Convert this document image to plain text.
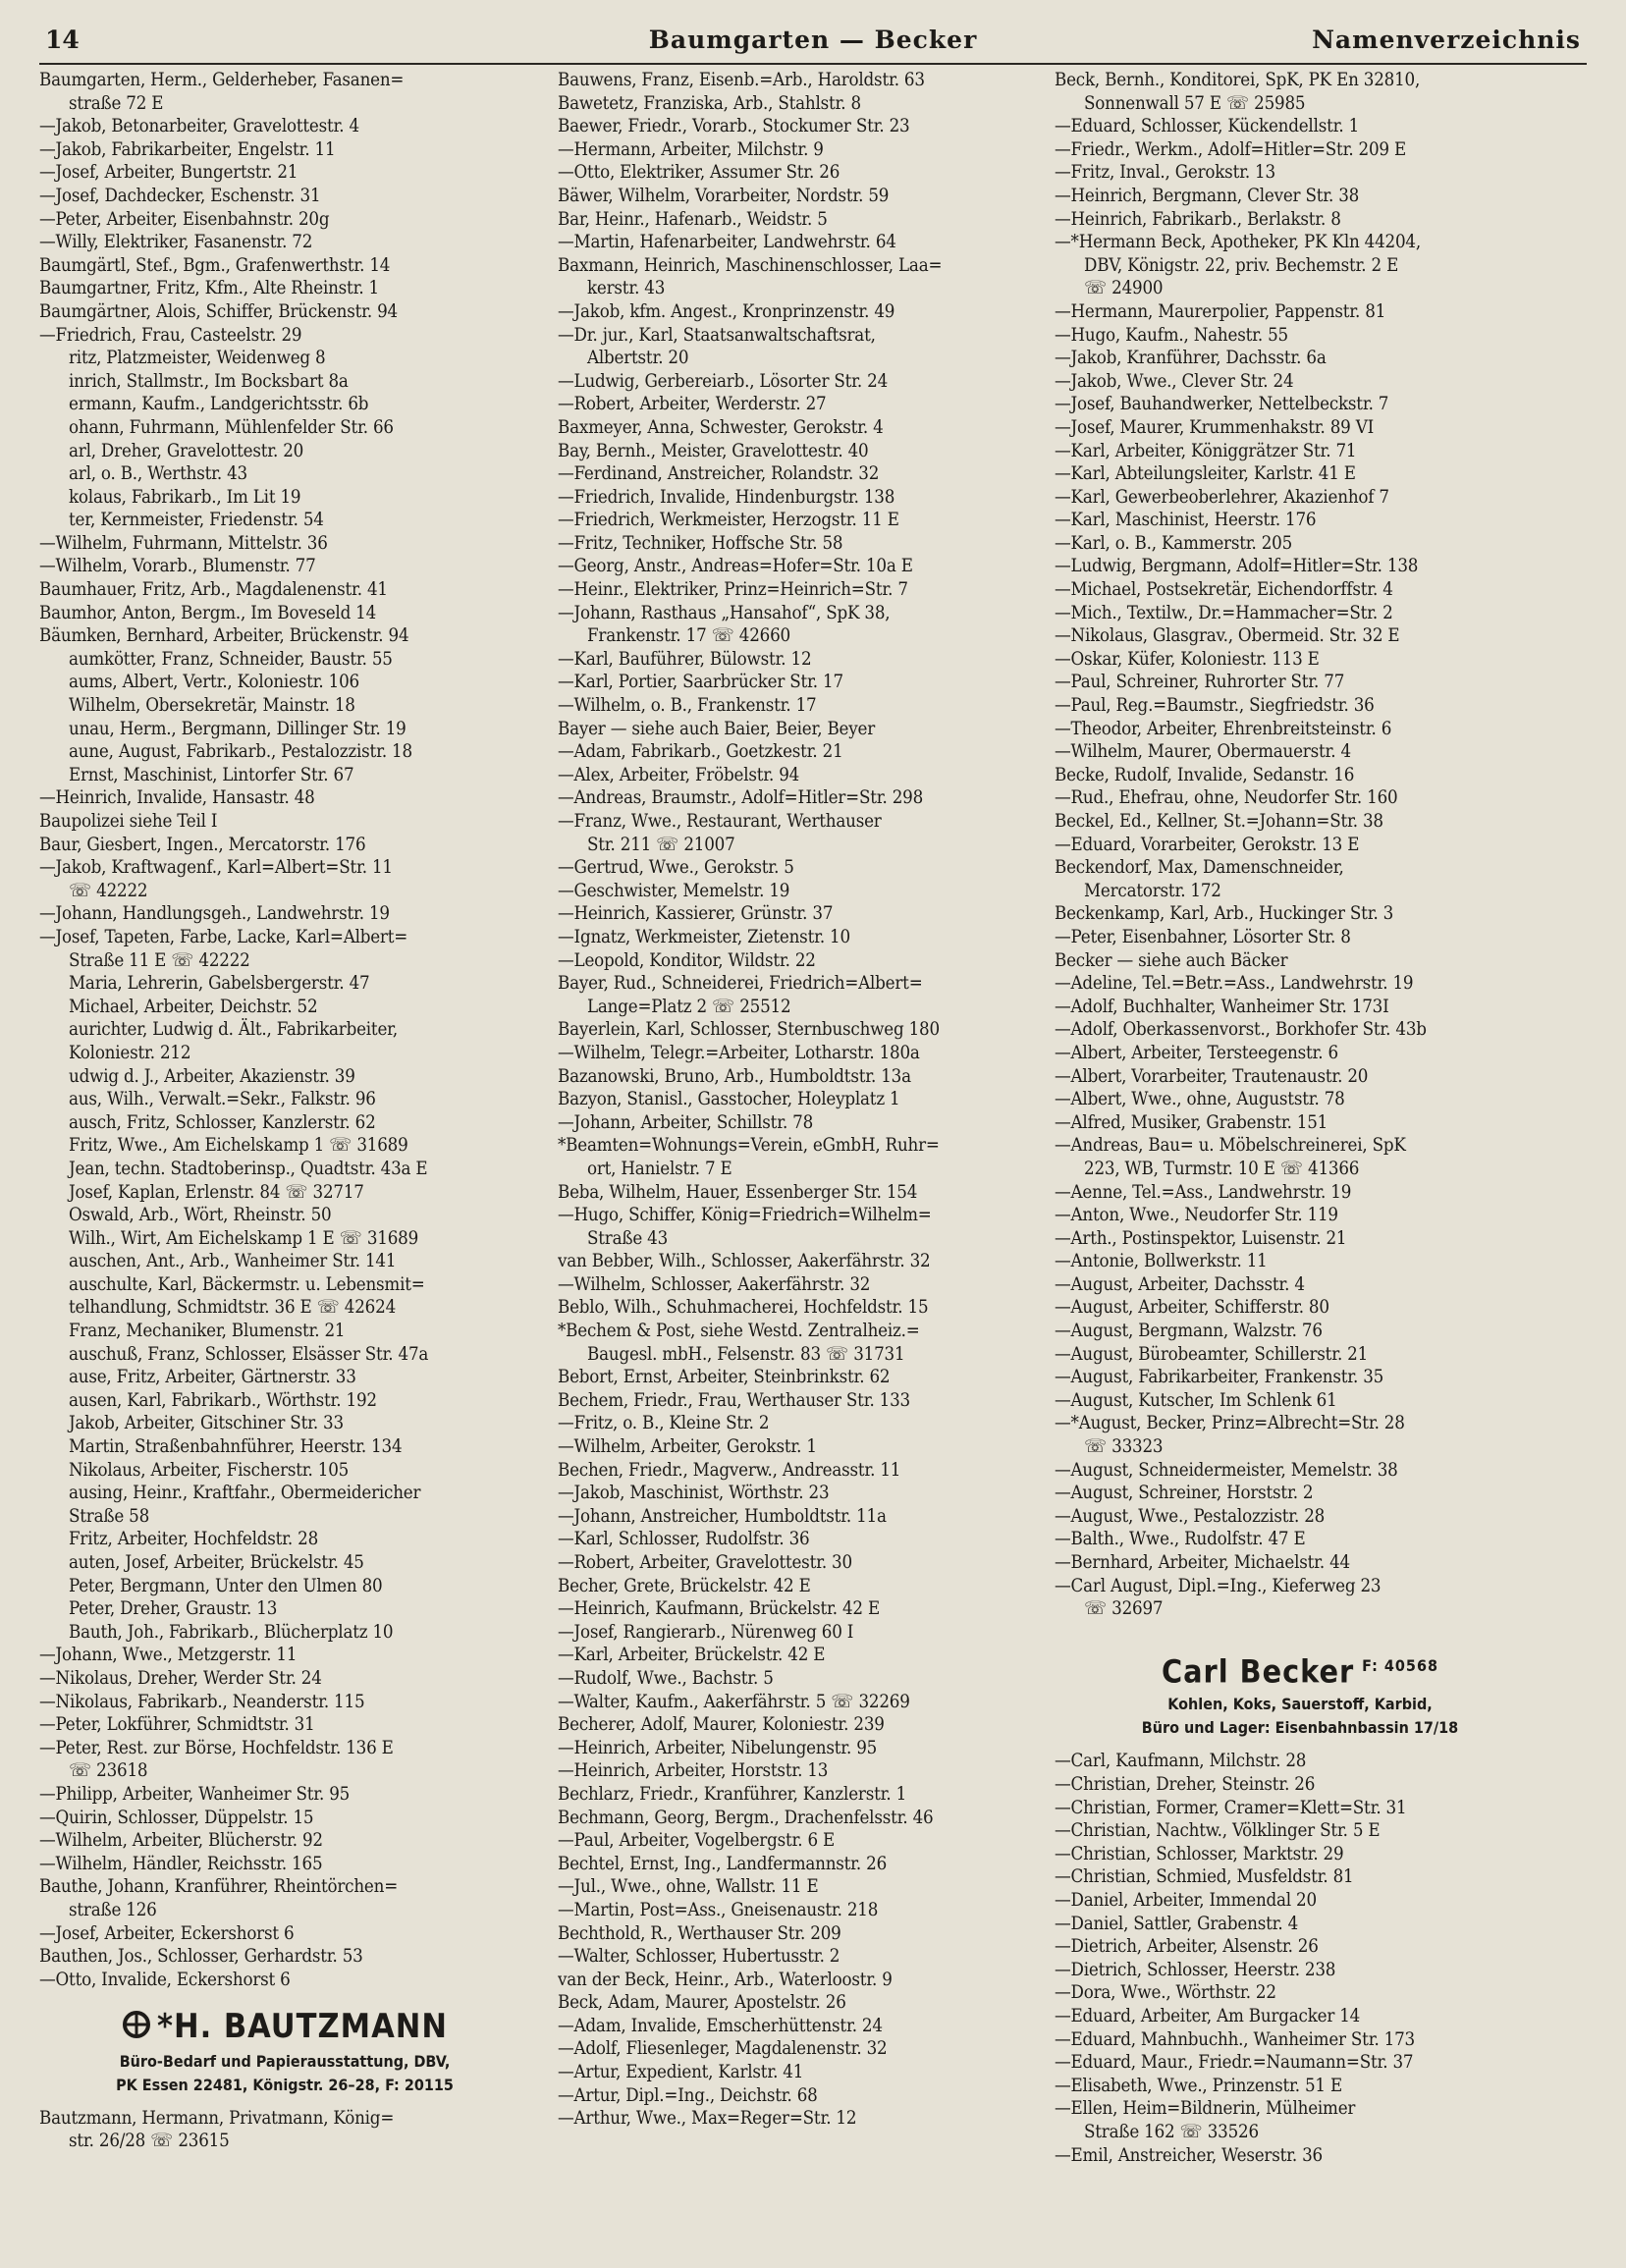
14	Baumgarten — Becker	Namenverzeichnis
Baumgarten, Herm., Gelderheber, Fasanen=
straße 72 E
—Jakob, Betonarbeiter, Gravelottestr. 4
—Jakob, Fabrikarbeiter, Engelstr. 11
—Josef, Arbeiter, Bungertstr. 21
—Josef, Dachdecker, Eschenstr. 31
—Peter, Arbeiter, Eisenbahnstr. 20g
—Willy, Elektriker, Fasanenstr. 72
Baumgärtl, Stef., Bgm., Grafenwerthstr. 14
Baumgartner, Fritz, Kfm., Alte Rheinstr. 1
Baumgärtner, Alois, Schiffer, Brückenstr. 94
—Friedrich, Frau, Casteelstr. 29
ritz, Platzmeister, Weidenweg 8
inrich, Stallmstr., Im Bocksbart 8a
ermann, Kaufm., Landgerichtsstr. 6b
ohann, Fuhrmann, Mühlenfelder Str. 66
arl, Dreher, Gravelottestr. 20
arl, o. B., Werthstr. 43
kolaus, Fabrikarb., Im Lit 19
ter, Kernmeister, Friedenstr. 54
—Wilhelm, Fuhrmann, Mittelstr. 36
—Wilhelm, Vorarb., Blumenstr. 77
Baumhauer, Fritz, Arb., Magdalenenstr. 41
Baumhor, Anton, Bergm., Im Boveseld 14
Bäumken, Bernhard, Arbeiter, Brückenstr. 94
aumkötter, Franz, Schneider, Baustr. 55
aums, Albert, Vertr., Koloniestr. 106
Wilhelm, Obersekretär, Mainstr. 18
unau, Herm., Bergmann, Dillinger Str. 19
aune, August, Fabrikarb., Pestalozzistr. 18
Ernst, Maschinist, Lintorfer Str. 67
—Heinrich, Invalide, Hansastr. 48
Baupolizei siehe Teil I
Baur, Giesbert, Ingen., Mercatorstr. 176
—Jakob, Kraftwagenf., Karl=Albert=Str. 11
☏ 42222
—Johann, Handlungsgeh., Landwehrstr. 19
—Josef, Tapeten, Farbe, Lacke, Karl=Albert=
Straße 11 E ☏ 42222
Maria, Lehrerin, Gabelsbergerstr. 47
Michael, Arbeiter, Deichstr. 52
aurichter, Ludwig d. Ält., Fabrikarbeiter,
Koloniestr. 212
udwig d. J., Arbeiter, Akazienstr. 39
aus, Wilh., Verwalt.=Sekr., Falkstr. 96
ausch, Fritz, Schlosser, Kanzlerstr. 62
Fritz, Wwe., Am Eichelskamp 1 ☏ 31689
Jean, techn. Stadtoberinsp., Quadtstr. 43a E
Josef, Kaplan, Erlenstr. 84 ☏ 32717
Oswald, Arb., Wört, Rheinstr. 50
Wilh., Wirt, Am Eichelskamp 1 E ☏ 31689
auschen, Ant., Arb., Wanheimer Str. 141
auschulte, Karl, Bäckermstr. u. Lebensmit=
telhandlung, Schmidtstr. 36 E ☏ 42624
Franz, Mechaniker, Blumenstr. 21
auschuß, Franz, Schlosser, Elsässer Str. 47a
ause, Fritz, Arbeiter, Gärtnerstr. 33
ausen, Karl, Fabrikarb., Wörthstr. 192
Jakob, Arbeiter, Gitschiner Str. 33
Martin, Straßenbahnführer, Heerstr. 134
Nikolaus, Arbeiter, Fischerstr. 105
ausing, Heinr., Kraftfahr., Obermeidericher
Straße 58
Fritz, Arbeiter, Hochfeldstr. 28
auten, Josef, Arbeiter, Brückelstr. 45
Peter, Bergmann, Unter den Ulmen 80
Peter, Dreher, Graustr. 13
Bauth, Joh., Fabrikarb., Blücherplatz 10
—Johann, Wwe., Metzgerstr. 11
—Nikolaus, Dreher, Werder Str. 24
—Nikolaus, Fabrikarb., Neanderstr. 115
—Peter, Lokführer, Schmidtstr. 31
—Peter, Rest. zur Börse, Hochfeldstr. 136 E
☏ 23618
—Philipp, Arbeiter, Wanheimer Str. 95
—Quirin, Schlosser, Düppelstr. 15
—Wilhelm, Arbeiter, Blücherstr. 92
—Wilhelm, Händler, Reichsstr. 165
Bauthe, Johann, Kranführer, Rheintörchen=
straße 126
—Josef, Arbeiter, Eckershorst 6
Bauthen, Jos., Schlosser, Gerhardstr. 53
—Otto, Invalide, Eckershorst 6
*H. BAUTZMANN
Büro-Bedarf und Papierausstattung, DBV,
PK Essen 22481, Königstr. 26–28, F: 20115
Bautzmann, Hermann, Privatmann, König=
str. 26/28 ☏ 23615
Bauwens, Franz, Eisenb.=Arb., Haroldstr. 63
Bawetetz, Franziska, Arb., Stahlstr. 8
Baewer, Friedr., Vorarb., Stockumer Str. 23
—Hermann, Arbeiter, Milchstr. 9
—Otto, Elektriker, Assumer Str. 26
Bäwer, Wilhelm, Vorarbeiter, Nordstr. 59
Bar, Heinr., Hafenarb., Weidstr. 5
—Martin, Hafenarbeiter, Landwehrstr. 64
Baxmann, Heinrich, Maschinenschlosser, Laa=
kerstr. 43
—Jakob, kfm. Angest., Kronprinzenstr. 49
—Dr. jur., Karl, Staatsanwaltschaftsrat,
Albertstr. 20
—Ludwig, Gerbereiarb., Lösorter Str. 24
—Robert, Arbeiter, Werderstr. 27
Baxmeyer, Anna, Schwester, Gerokstr. 4
Bay, Bernh., Meister, Gravelottestr. 40
—Ferdinand, Anstreicher, Rolandstr. 32
—Friedrich, Invalide, Hindenburgstr. 138
—Friedrich, Werkmeister, Herzogstr. 11 E
—Fritz, Techniker, Hoffsche Str. 58
—Georg, Anstr., Andreas=Hofer=Str. 10a E
—Heinr., Elektriker, Prinz=Heinrich=Str. 7
—Johann, Rasthaus „Hansahof“, SpK 38,
Frankenstr. 17 ☏ 42660
—Karl, Bauführer, Bülowstr. 12
—Karl, Portier, Saarbrücker Str. 17
—Wilhelm, o. B., Frankenstr. 17
Bayer — siehe auch Baier, Beier, Beyer
—Adam, Fabrikarb., Goetzkestr. 21
—Alex, Arbeiter, Fröbelstr. 94
—Andreas, Braumstr., Adolf=Hitler=Str. 298
—Franz, Wwe., Restaurant, Werthauser
Str. 211 ☏ 21007
—Gertrud, Wwe., Gerokstr. 5
—Geschwister, Memelstr. 19
—Heinrich, Kassierer, Grünstr. 37
—Ignatz, Werkmeister, Zietenstr. 10
—Leopold, Konditor, Wildstr. 22
Bayer, Rud., Schneiderei, Friedrich=Albert=
Lange=Platz 2 ☏ 25512
Bayerlein, Karl, Schlosser, Sternbuschweg 180
—Wilhelm, Telegr.=Arbeiter, Lotharstr. 180a
Bazanowski, Bruno, Arb., Humboldtstr. 13a
Bazyon, Stanisl., Gasstocher, Holeyplatz 1
—Johann, Arbeiter, Schillstr. 78
*Beamten=Wohnungs=Verein, eGmbH, Ruhr=
ort, Hanielstr. 7 E
Beba, Wilhelm, Hauer, Essenberger Str. 154
—Hugo, Schiffer, König=Friedrich=Wilhelm=
Straße 43
van Bebber, Wilh., Schlosser, Aakerfährstr. 32
—Wilhelm, Schlosser, Aakerfährstr. 32
Beblo, Wilh., Schuhmacherei, Hochfeldstr. 15
*Bechem & Post, siehe Westd. Zentralheiz.=
Baugesl. mbH., Felsenstr. 83 ☏ 31731
Bebort, Ernst, Arbeiter, Steinbrinkstr. 62
Bechem, Friedr., Frau, Werthauser Str. 133
—Fritz, o. B., Kleine Str. 2
—Wilhelm, Arbeiter, Gerokstr. 1
Bechen, Friedr., Magverw., Andreasstr. 11
—Jakob, Maschinist, Wörthstr. 23
—Johann, Anstreicher, Humboldtstr. 11a
—Karl, Schlosser, Rudolfstr. 36
—Robert, Arbeiter, Gravelottestr. 30
Becher, Grete, Brückelstr. 42 E
—Heinrich, Kaufmann, Brückelstr. 42 E
—Josef, Rangierarb., Nürenweg 60 I
—Karl, Arbeiter, Brückelstr. 42 E
—Rudolf, Wwe., Bachstr. 5
—Walter, Kaufm., Aakerfährstr. 5 ☏ 32269
Becherer, Adolf, Maurer, Koloniestr. 239
—Heinrich, Arbeiter, Nibelungenstr. 95
—Heinrich, Arbeiter, Horststr. 13
Bechlarz, Friedr., Kranführer, Kanzlerstr. 1
Bechmann, Georg, Bergm., Drachenfelsstr. 46
—Paul, Arbeiter, Vogelbergstr. 6 E
Bechtel, Ernst, Ing., Landfermannstr. 26
—Jul., Wwe., ohne, Wallstr. 11 E
—Martin, Post=Ass., Gneisenaustr. 218
Bechthold, R., Werthauser Str. 209
—Walter, Schlosser, Hubertusstr. 2
van der Beck, Heinr., Arb., Waterloostr. 9
Beck, Adam, Maurer, Apostelstr. 26
—Adam, Invalide, Emscherhüttenstr. 24
—Adolf, Fliesenleger, Magdalenenstr. 32
—Artur, Expedient, Karlstr. 41
—Artur, Dipl.=Ing., Deichstr. 68
—Arthur, Wwe., Max=Reger=Str. 12
Beck, Bernh., Konditorei, SpK, PK En 32810,
Sonnenwall 57 E ☏ 25985
—Eduard, Schlosser, Kückendellstr. 1
—Friedr., Werkm., Adolf=Hitler=Str. 209 E
—Fritz, Inval., Gerokstr. 13
—Heinrich, Bergmann, Clever Str. 38
—Heinrich, Fabrikarb., Berlakstr. 8
—*Hermann Beck, Apotheker, PK Kln 44204,
DBV, Königstr. 22, priv. Bechemstr. 2 E
☏ 24900
—Hermann, Maurerpolier, Pappenstr. 81
—Hugo, Kaufm., Nahestr. 55
—Jakob, Kranführer, Dachsstr. 6a
—Jakob, Wwe., Clever Str. 24
—Josef, Bauhandwerker, Nettelbeckstr. 7
—Josef, Maurer, Krummenhakstr. 89 VI
—Karl, Arbeiter, Königgrätzer Str. 71
—Karl, Abteilungsleiter, Karlstr. 41 E
—Karl, Gewerbeoberlehrer, Akazienhof 7
—Karl, Maschinist, Heerstr. 176
—Karl, o. B., Kammerstr. 205
—Ludwig, Bergmann, Adolf=Hitler=Str. 138
—Michael, Postsekretär, Eichendorffstr. 4
—Mich., Textilw., Dr.=Hammacher=Str. 2
—Nikolaus, Glasgrav., Obermeid. Str. 32 E
—Oskar, Küfer, Koloniestr. 113 E
—Paul, Schreiner, Ruhrorter Str. 77
—Paul, Reg.=Baumstr., Siegfriedstr. 36
—Theodor, Arbeiter, Ehrenbreitsteinstr. 6
—Wilhelm, Maurer, Obermauerstr. 4
Becke, Rudolf, Invalide, Sedanstr. 16
—Rud., Ehefrau, ohne, Neudorfer Str. 160
Beckel, Ed., Kellner, St.=Johann=Str. 38
—Eduard, Vorarbeiter, Gerokstr. 13 E
Beckendorf, Max, Damenschneider,
Mercatorstr. 172
Beckenkamp, Karl, Arb., Huckinger Str. 3
—Peter, Eisenbahner, Lösorter Str. 8
Becker — siehe auch Bäcker
—Adeline, Tel.=Betr.=Ass., Landwehrstr. 19
—Adolf, Buchhalter, Wanheimer Str. 173I
—Adolf, Oberkassenvorst., Borkhofer Str. 43b
—Albert, Arbeiter, Tersteegenstr. 6
—Albert, Vorarbeiter, Trautenaustr. 20
—Albert, Wwe., ohne, Auguststr. 78
—Alfred, Musiker, Grabenstr. 151
—Andreas, Bau= u. Möbelschreinerei, SpK
223, WB, Turmstr. 10 E ☏ 41366
—Aenne, Tel.=Ass., Landwehrstr. 19
—Anton, Wwe., Neudorfer Str. 119
—Arth., Postinspektor, Luisenstr. 21
—Antonie, Bollwerkstr. 11
—August, Arbeiter, Dachsstr. 4
—August, Arbeiter, Schifferstr. 80
—August, Bergmann, Walzstr. 76
—August, Bürobeamter, Schillerstr. 21
—August, Fabrikarbeiter, Frankenstr. 35
—August, Kutscher, Im Schlenk 61
—*August, Becker, Prinz=Albrecht=Str. 28
☏ 33323
—August, Schneidermeister, Memelstr. 38
—August, Schreiner, Horststr. 2
—August, Wwe., Pestalozzistr. 28
—Balth., Wwe., Rudolfstr. 47 E
—Bernhard, Arbeiter, Michaelstr. 44
—Carl August, Dipl.=Ing., Kieferweg 23
☏ 32697
Carl Becker $^{F: 40568}$
Kohlen, Koks, Sauerstoff, Karbid,
Büro und Lager: Eisenbahnbassin 17/18
—Carl, Kaufmann, Milchstr. 28
—Christian, Dreher, Steinstr. 26
—Christian, Former, Cramer=Klett=Str. 31
—Christian, Nachtw., Völklinger Str. 5 E
—Christian, Schlosser, Marktstr. 29
—Christian, Schmied, Musfeldstr. 81
—Daniel, Arbeiter, Immendal 20
—Daniel, Sattler, Grabenstr. 4
—Dietrich, Arbeiter, Alsenstr. 26
—Dietrich, Schlosser, Heerstr. 238
—Dora, Wwe., Wörthstr. 22
—Eduard, Arbeiter, Am Burgacker 14
—Eduard, Mahnbuchh., Wanheimer Str. 173
—Eduard, Maur., Friedr.=Naumann=Str. 37
—Elisabeth, Wwe., Prinzenstr. 51 E
—Ellen, Heim=Bildnerin, Mülheimer
Straße 162 ☏ 33526
—Emil, Anstreicher, Weserstr. 36
